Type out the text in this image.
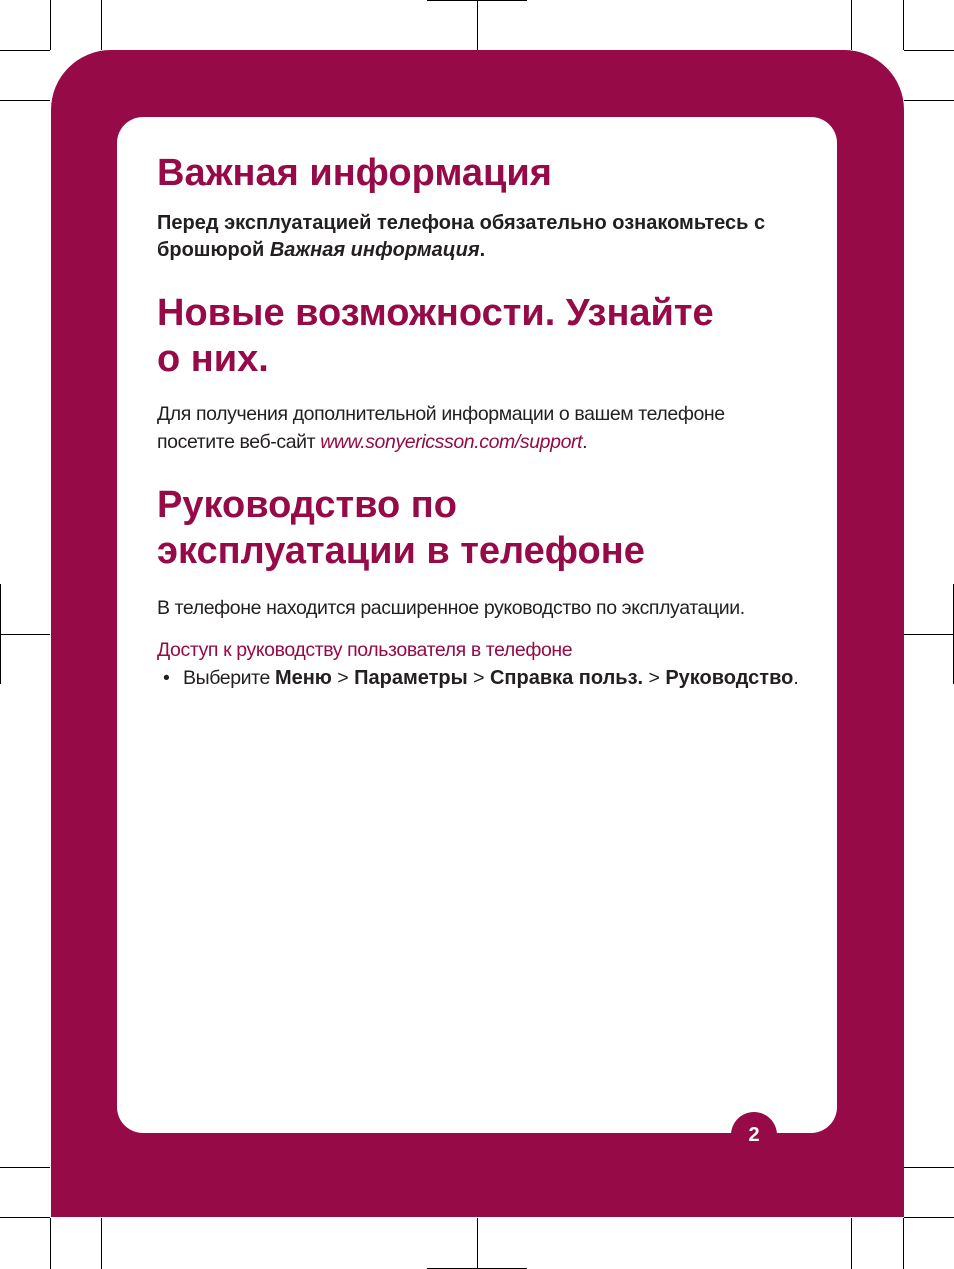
Важная информация

Перед эксплуатацией телефона обязательно ознакомьтесь с брошюрой Важная информация.

Новые возможности. Узнайте
о них.

Для получения дополнительной информации о вашем телефоне посетите веб-сайт www.sonyericsson.com/support.

Руководство по
эксплуатации в телефоне

В телефоне находится расширенное руководство по эксплуатации.

Доступ к руководству пользователя в телефоне

• Выберите Меню > Параметры > Справка польз. > Руководство.
2
